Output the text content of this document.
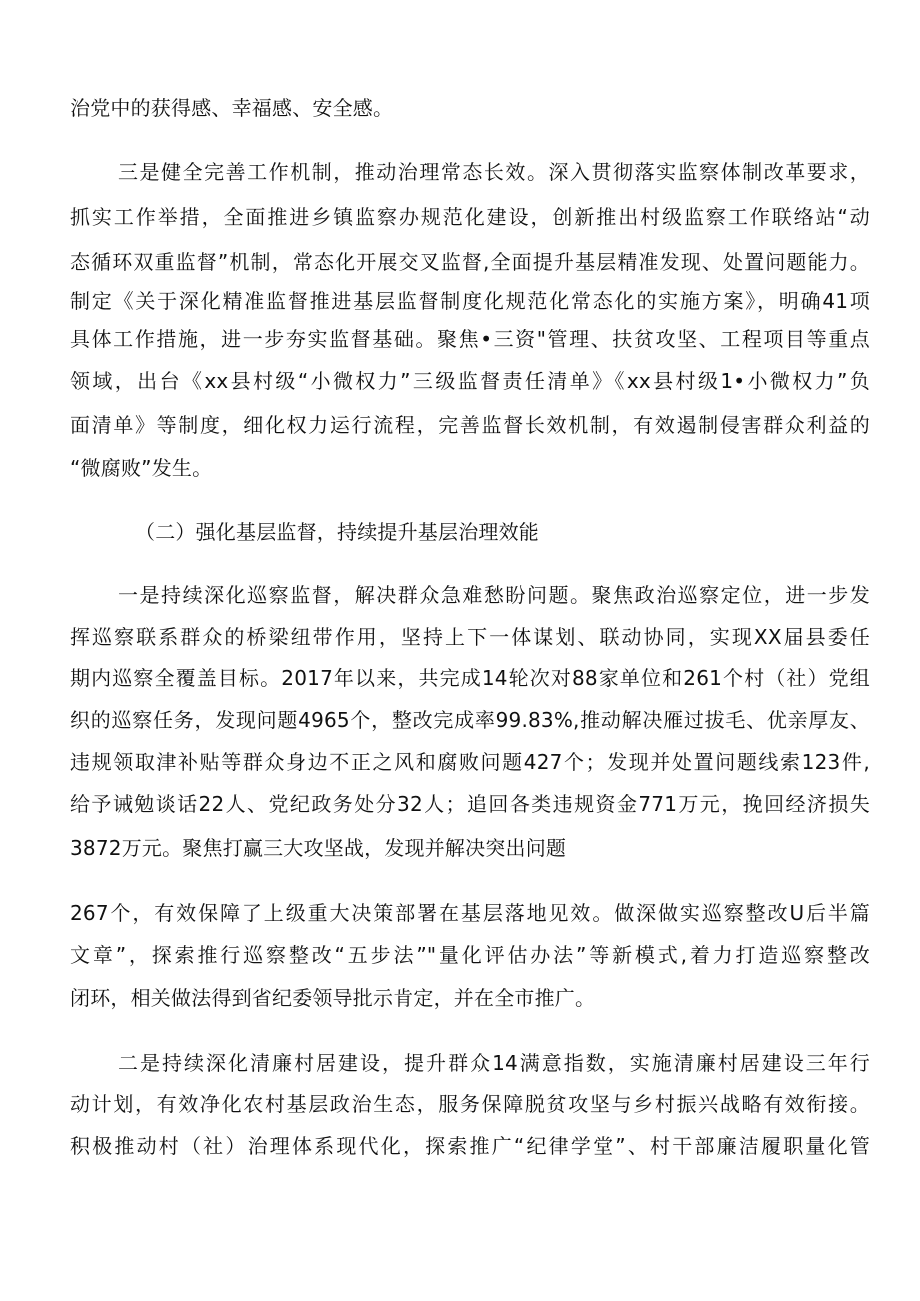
治党中的获得感、幸福感、安全感。
三是健全完善工作机制，推动治理常态长效。深入贯彻落实监察体制改革要求，
抓实工作举措，全面推进乡镇监察办规范化建设，创新推出村级监察工作联络站“动
态循环双重监督”机制，常态化开展交叉监督,全面提升基层精准发现、处置问题能力。
制定《关于深化精准监督推进基层监督制度化规范化常态化的实施方案》，明确41项
具体工作措施，进一步夯实监督基础。聚焦•三资"管理、扶贫攻坚、工程项目等重点
领域，出台《xx县村级“小微权力”三级监督责任清单》《xx县村级1•小微权力”负
面清单》等制度，细化权力运行流程，完善监督长效机制，有效遏制侵害群众利益的
“微腐败”发生。
（二）强化基层监督，持续提升基层治理效能
一是持续深化巡察监督，解决群众急难愁盼问题。聚焦政治巡察定位，进一步发
挥巡察联系群众的桥梁纽带作用，坚持上下一体谋划、联动协同，实现XX届县委任
期内巡察全覆盖目标。2017年以来，共完成14轮次对88家单位和261个村（社）党组
织的巡察任务，发现问题4965个，整改完成率99.83%,推动解决雁过拔毛、优亲厚友、
违规领取津补贴等群众身边不正之风和腐败问题427个；发现并处置问题线索123件,
给予诫勉谈话22人、党纪政务处分32人；追回各类违规资金771万元，挽回经济损失
3872万元。聚焦打赢三大攻坚战，发现并解决突出问题
267个，有效保障了上级重大决策部署在基层落地见效。做深做实巡察整改U后半篇
文章”，探索推行巡察整改“五步法”"量化评估办法”等新模式,着力打造巡察整改
闭环，相关做法得到省纪委领导批示肯定，并在全市推广。
二是持续深化清廉村居建设，提升群众14满意指数，实施清廉村居建设三年行
动计划，有效净化农村基层政治生态，服务保障脱贫攻坚与乡村振兴战略有效衔接。
积极推动村（社）治理体系现代化，探索推广“纪律学堂”、村干部廉洁履职量化管
